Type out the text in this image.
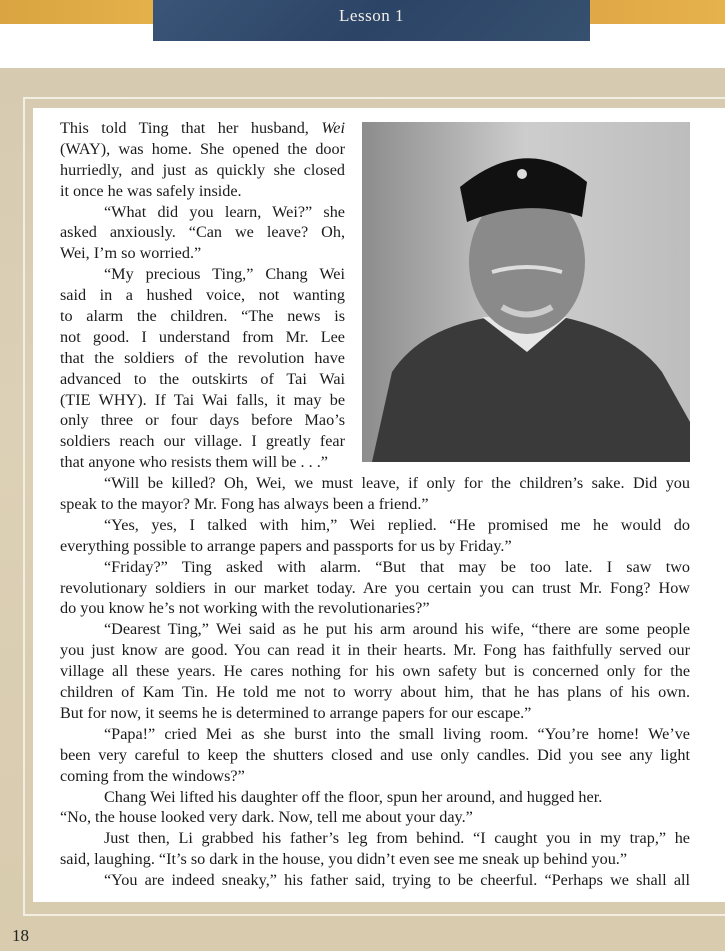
Lesson 1
This told Ting that her husband, Wei
(WAY), was home. She opened the door
hurriedly, and just as quickly she closed
it once he was safely inside.
“What did you learn, Wei?” she
asked anxiously. “Can we leave? Oh,
Wei, I’m so worried.”
“My precious Ting,” Chang Wei
said in a hushed voice, not wanting
to alarm the children. “The news is
not good. I understand from Mr. Lee
that the soldiers of the revolution have
advanced to the outskirts of Tai Wai
(TIE WHY). If Tai Wai falls, it may be
only three or four days before Mao’s
soldiers reach our village. I greatly fear
that anyone who resists them will be . . .”
“Will be killed? Oh, Wei, we must leave, if only for the children’s sake. Did you
speak to the mayor? Mr. Fong has always been a friend.”
“Yes, yes, I talked with him,” Wei replied. “He promised me he would do
everything possible to arrange papers and passports for us by Friday.”
“Friday?” Ting asked with alarm. “But that may be too late. I saw two
revolutionary soldiers in our market today. Are you certain you can trust Mr. Fong? How
do you know he’s not working with the revolutionaries?”
“Dearest Ting,” Wei said as he put his arm around his wife, “there are some people
you just know are good. You can read it in their hearts. Mr. Fong has faithfully served our
village all these years. He cares nothing for his own safety but is concerned only for the
children of Kam Tin. He told me not to worry about him, that he has plans of his own.
But for now, it seems he is determined to arrange papers for our escape.”
“Papa!” cried Mei as she burst into the small living room. “You’re home! We’ve
been very careful to keep the shutters closed and use only candles. Did you see any light
coming from the windows?”
Chang Wei lifted his daughter off the floor, spun her around, and hugged her.
“No, the house looked very dark. Now, tell me about your day.”
Just then, Li grabbed his father’s leg from behind. “I caught you in my trap,” he
said, laughing. “It’s so dark in the house, you didn’t even see me sneak up behind you.”
“You are indeed sneaky,” his father said, trying to be cheerful. “Perhaps we shall all
18
